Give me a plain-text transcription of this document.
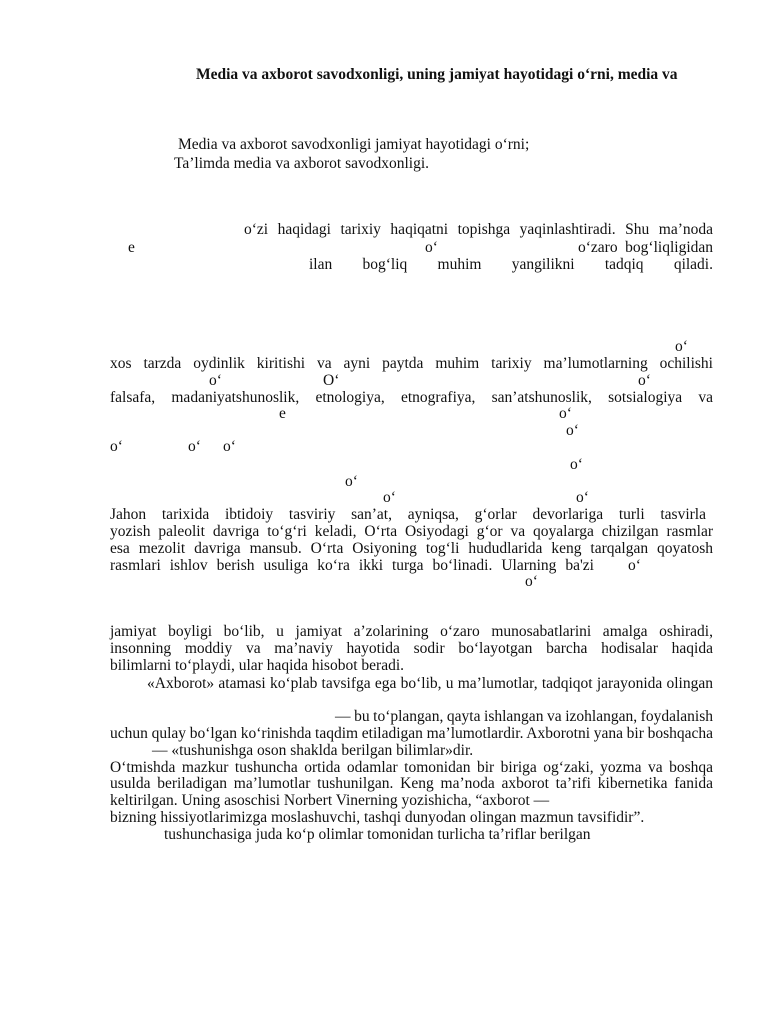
Media va axborot savodxonligi, uning jamiyat hayotidagi o‘rni, media va
Media va axborot savodxonligi jamiyat hayotidagi o‘rni;
Ta’limda media va axborot savodxonligi.
o‘zi haqidagi tarixiy haqiqatni topishga yaqinlashtiradi. Shu ma’noda
e	o‘	o‘zaro bog‘liqligidan
ilan bog‘liq muhim yangilikni tadqiq qiladi.
o‘
xos tarzda oydinlik kiritishi va ayni paytda muhim tarixiy ma’lumotlarning ochilishi
o‘	O‘	o‘
falsafa, madaniyatshunoslik, etnologiya, etnografiya, san’atshunoslik, sotsialogiya va
e	o‘
o‘
o‘	o‘ o‘
o‘
o‘
o‘	o‘
Jahon tarixida ibtidoiy tasviriy san’at, ayniqsa, g‘orlar devorlariga turli tasvirla
yozish paleolit davriga to‘g‘ri keladi, O‘rta Osiyodagi g‘or va qoyalarga chizilgan rasmlar
esa mezolit davriga mansub. O‘rta Osiyoning tog‘li hududlarida keng tarqalgan qoyatosh
rasmlari ishlov berish usuliga ko‘ra ikki turga bo‘linadi. Ularning ba'zi o‘
o‘
jamiyat boyligi bo‘lib, u jamiyat a’zolarining o‘zaro munosabatlarini amalga oshiradi,
insonning moddiy va ma’naviy hayotida sodir bo‘layotgan barcha hodisalar haqida
bilimlarni to‘playdi, ular haqida hisobot beradi.
«Axborot» atamasi ko‘plab tavsifga ega bo‘lib, u ma’lumotlar, tadqiqot jarayonida olingan
— bu to‘plangan, qayta ishlangan va izohlangan, foydalanish
uchun qulay bo‘lgan ko‘rinishda taqdim etiladigan ma’lumotlardir. Axborotni yana bir boshqacha
— «tushunishga oson shaklda berilgan bilimlar»dir.
O‘tmishda mazkur tushuncha ortida odamlar tomonidan bir biriga og‘zaki, yozma va boshqa
usulda beriladigan ma’lumotlar tushunilgan. Keng ma’noda axborot ta’rifi kibernetika fanida
keltirilgan. Uning asoschisi Norbert Vinerning yozishicha, “axborot —
bizning hissiyotlarimizga moslashuvchi, tashqi dunyodan olingan mazmun tavsifidir”.
tushunchasiga juda ko‘p olimlar tomonidan turlicha ta’riflar berilgan
